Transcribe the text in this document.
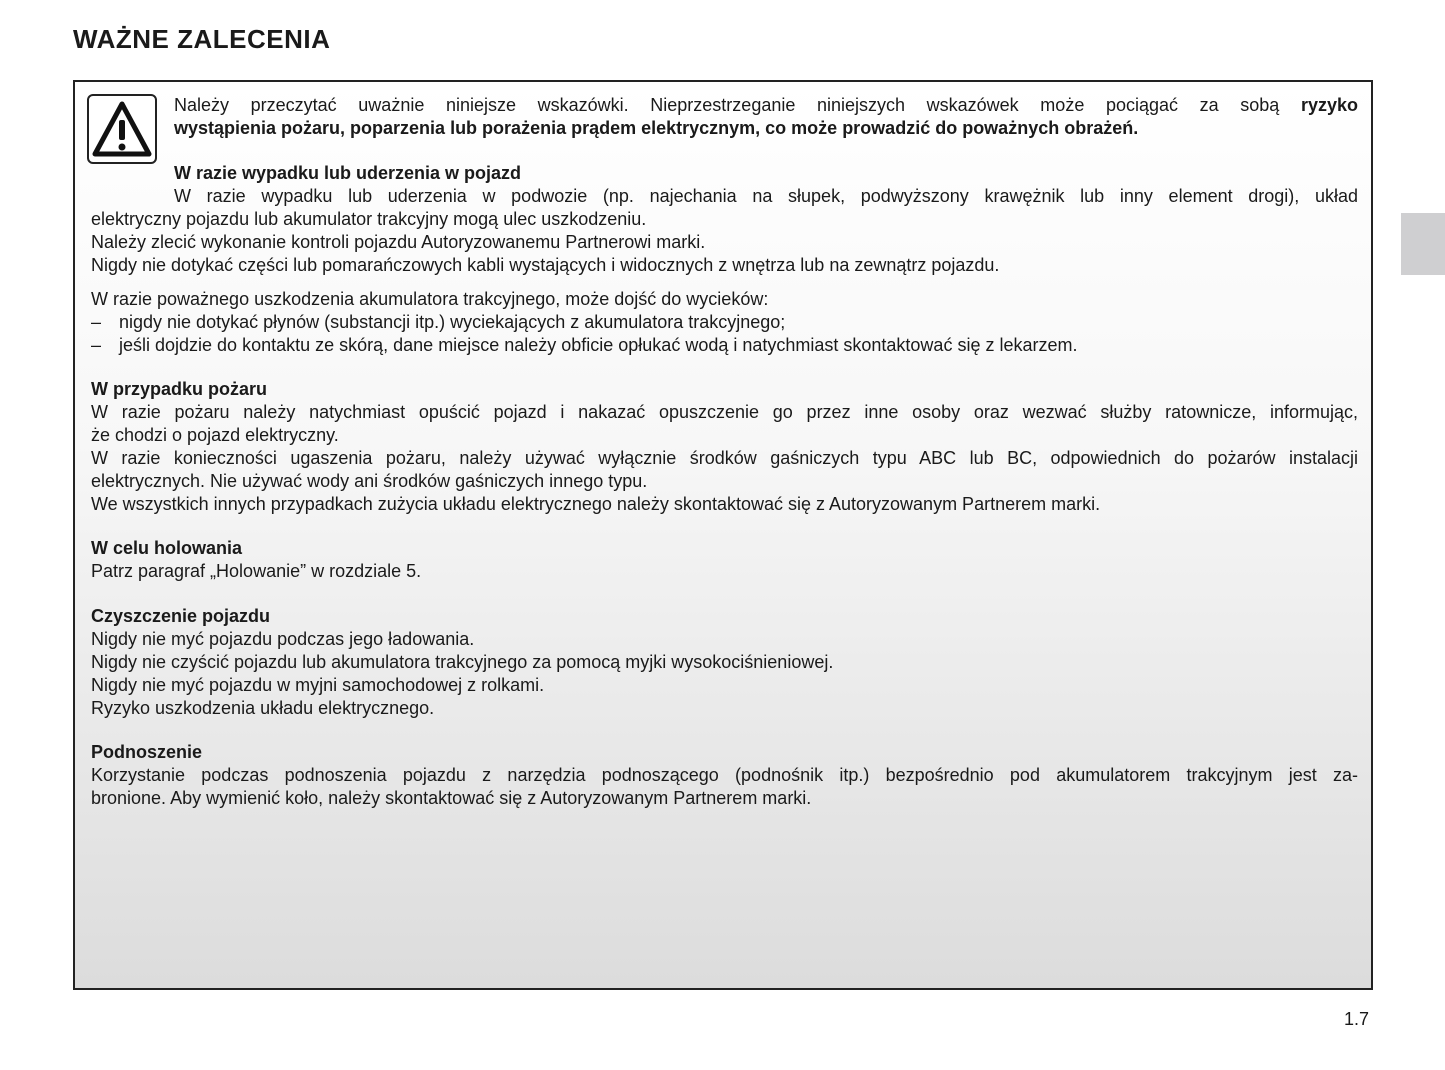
WAŻNE ZALECENIA
Należy przeczytać uważnie niniejsze wskazówki. Nieprzestrzeganie niniejszych wskazówek może pociągać za sobą ryzyko
wystąpienia pożaru, poparzenia lub porażenia prądem elektrycznym, co może prowadzić do poważnych obrażeń.
W razie wypadku lub uderzenia w pojazd
W razie wypadku lub uderzenia w podwozie (np. najechania na słupek, podwyższony krawężnik lub inny element drogi), układ
elektryczny pojazdu lub akumulator trakcyjny mogą ulec uszkodzeniu.
Należy zlecić wykonanie kontroli pojazdu Autoryzowanemu Partnerowi marki.
Nigdy nie dotykać części lub pomarańczowych kabli wystających i widocznych z wnętrza lub na zewnątrz pojazdu.
W razie poważnego uszkodzenia akumulatora trakcyjnego, może dojść do wycieków:
– nigdy nie dotykać płynów (substancji itp.) wyciekających z akumulatora trakcyjnego;
– jeśli dojdzie do kontaktu ze skórą, dane miejsce należy obficie opłukać wodą i natychmiast skontaktować się z lekarzem.
W przypadku pożaru
W razie pożaru należy natychmiast opuścić pojazd i nakazać opuszczenie go przez inne osoby oraz wezwać służby ratownicze, informując,
że chodzi o pojazd elektryczny.
W razie konieczności ugaszenia pożaru, należy używać wyłącznie środków gaśniczych typu ABC lub BC, odpowiednich do pożarów instalacji
elektrycznych. Nie używać wody ani środków gaśniczych innego typu.
We wszystkich innych przypadkach zużycia układu elektrycznego należy skontaktować się z Autoryzowanym Partnerem marki.
W celu holowania
Patrz paragraf „Holowanie” w rozdziale 5.
Czyszczenie pojazdu
Nigdy nie myć pojazdu podczas jego ładowania.
Nigdy nie czyścić pojazdu lub akumulatora trakcyjnego za pomocą myjki wysokociśnieniowej.
Nigdy nie myć pojazdu w myjni samochodowej z rolkami.
Ryzyko uszkodzenia układu elektrycznego.
Podnoszenie
Korzystanie podczas podnoszenia pojazdu z narzędzia podnoszącego (podnośnik itp.) bezpośrednio pod akumulatorem trakcyjnym jest za-
bronione. Aby wymienić koło, należy skontaktować się z Autoryzowanym Partnerem marki.
1.7
